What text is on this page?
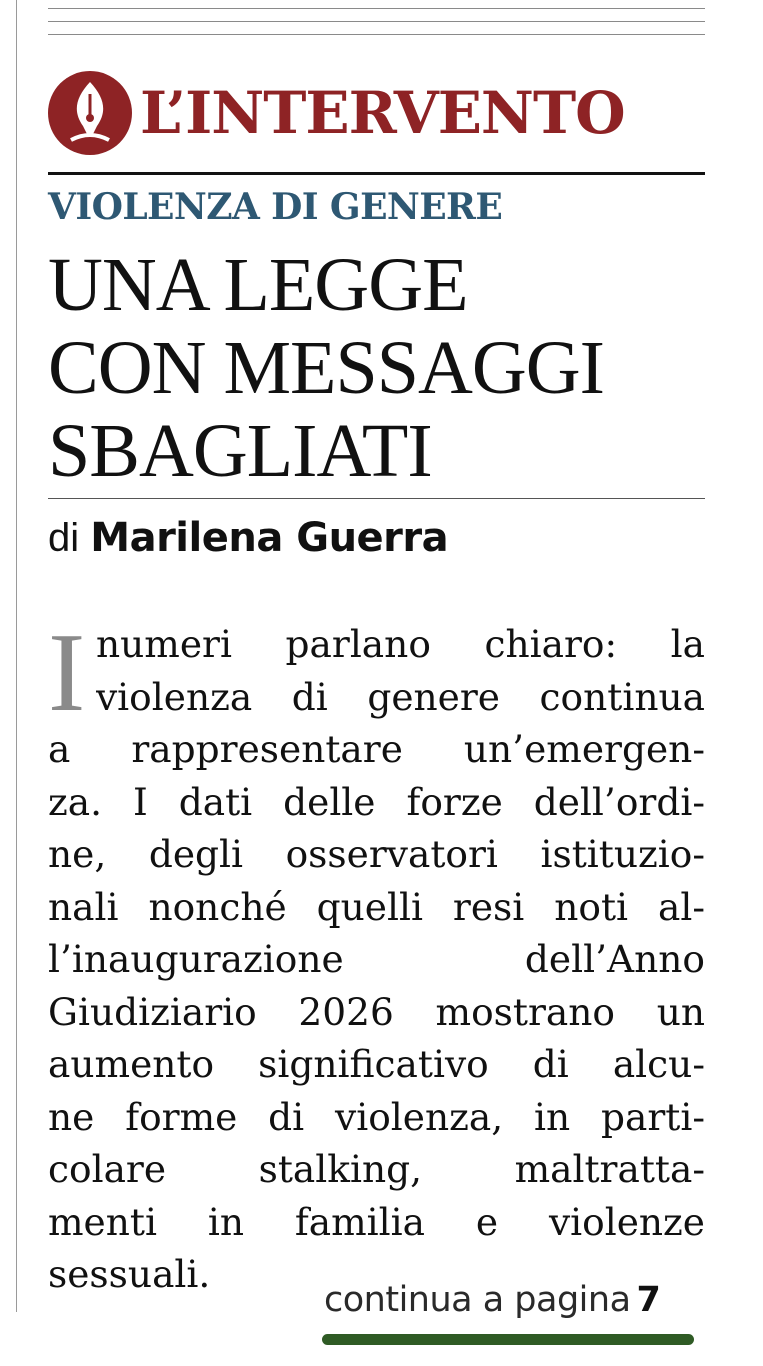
L’INTERVENTO
VIOLENZA DI GENERE
UNA LEGGE
CON MESSAGGI
SBAGLIATI
di Marilena Guerra
I numeri parlano chiaro: la
violenza di genere continua
a rappresentare un’emergen-
za. I dati delle forze dell’ordi-
ne, degli osservatori istituzio-
nali nonché quelli resi noti al-
l’inaugurazione dell’Anno
Giudiziario 2026 mostrano un
aumento significativo di alcu-
ne forme di violenza, in parti-
colare stalking, maltratta-
menti in familia e violenze
sessuali.
continua a pagina 7
